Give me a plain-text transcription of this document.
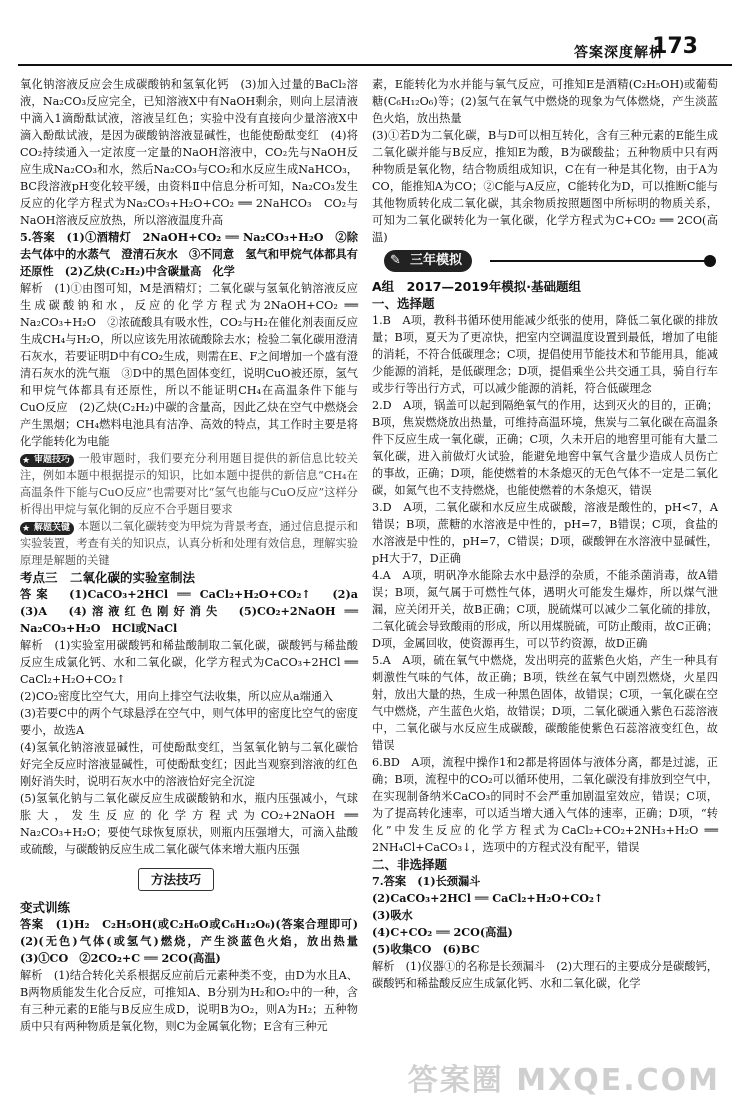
答案深度解析
173

氧化钠溶液反应会生成碳酸钠和氢氧化钙　(3)加入过量的BaCl₂溶液，Na₂CO₃反应完全，已知溶液X中有NaOH剩余，则向上层清液中滴入1滴酚酞试液，溶液呈红色；实验中没有直接向少量溶液X中滴入酚酞试液，是因为碳酸钠溶液显碱性，也能使酚酞变红　(4)将CO₂持续通入一定浓度一定量的NaOH溶液中，CO₂先与NaOH反应生成Na₂CO₃和水，然后Na₂CO₃与CO₂和水反应生成NaHCO₃，BC段溶液pH变化较平缓，由资料Ⅱ中信息分析可知，Na₂CO₃发生反应的化学方程式为Na₂CO₃+H₂O+CO₂ ══ 2NaHCO₃　CO₂与NaOH溶液反应放热，所以溶液温度升高

5.答案　(1)①酒精灯　2NaOH+CO₂ ══ Na₂CO₃+H₂O　②除去气体中的水蒸气　澄清石灰水　③不同意　氢气和甲烷气体都具有还原性　(2)乙炔(C₂H₂)中含碳量高　化学

解析　(1)①由图可知，M是酒精灯；二氧化碳与氢氧化钠溶液反应生成碳酸钠和水，反应的化学方程式为2NaOH+CO₂ ══ Na₂CO₃+H₂O　②浓硫酸具有吸水性，CO₂与H₂在催化剂表面反应生成CH₄与H₂O，所以应该先用浓硫酸除去水；检验二氧化碳用澄清石灰水，若要证明D中有CO₂生成，则需在E、F之间增加一个盛有澄清石灰水的洗气瓶　③D中的黑色固体变红，说明CuO被还原，氢气和甲烷气体都具有还原性，所以不能证明CH₄在高温条件下能与CuO反应　(2)乙炔(C₂H₂)中碳的含量高，因此乙炔在空气中燃烧会产生黑烟；CH₄燃料电池具有洁净、高效的特点，其工作时主要是将化学能转化为电能

★ 审题技巧 一般审题时，我们要充分利用题目提供的新信息比较关注，例如本题中根据提示的知识，比如本题中提供的新信息“CH₄在高温条件下能与CuO反应”也需要对比“氢气也能与CuO反应”这样分析得出甲烷与氧化铜的反应不合乎题目要求

★ 解题关键 本题以二氧化碳转变为甲烷为背景考查，通过信息提示和实验装置，考查有关的知识点，认真分析和处理有效信息，理解实验原理是解题的关键

考点三　二氧化碳的实验室制法

答案　(1)CaCO₃+2HCl ══ CaCl₂+H₂O+CO₂↑　(2)a　(3)A　(4)溶液红色刚好消失　(5)CO₂+2NaOH ══ Na₂CO₃+H₂O　HCl或NaCl

解析　(1)实验室用碳酸钙和稀盐酸制取二氧化碳，碳酸钙与稀盐酸反应生成氯化钙、水和二氧化碳，化学方程式为CaCO₃+2HCl ══ CaCl₂+H₂O+CO₂↑

(2)CO₂密度比空气大，用向上排空气法收集，所以应从a端通入

(3)若要C中的两个气球悬浮在空气中，则气体甲的密度比空气的密度要小，故选A

(4)氢氧化钠溶液显碱性，可使酚酞变红，当氢氧化钠与二氧化碳恰好完全反应时溶液显碱性，可使酚酞变红；因此当观察到溶液的红色刚好消失时，说明石灰水中的溶液恰好完全沉淀

(5)氢氧化钠与二氧化碳反应生成碳酸钠和水，瓶内压强减小，气球胀大，发生反应的化学方程式为CO₂+2NaOH ══ Na₂CO₃+H₂O；要使气球恢复原状，则瓶内压强增大，可滴入盐酸或硫酸，与碳酸钠反应生成二氧化碳气体来增大瓶内压强

方法技巧

变式训练

答案　(1)H₂　C₂H₅OH(或C₂H₆O或C₆H₁₂O₆)(答案合理即可)　(2)(无色)气体(或氢气)燃烧，产生淡蓝色火焰，放出热量　(3)①CO　②2CO₂+C ══ 2CO(高温)

解析　(1)结合转化关系根据反应前后元素种类不变，由D为水且A、B两物质能发生化合反应，可推知A、B分别为H₂和O₂中的一种，含有三种元素的E能与B反应生成D，说明B为O₂，则A为H₂；五种物质中只有两种物质是氧化物，则C为金属氧化物；E含有三种元

素，E能转化为水并能与氧气反应，可推知E是酒精(C₂H₅OH)或葡萄糖(C₆H₁₂O₆)等；(2)氢气在氧气中燃烧的现象为气体燃烧，产生淡蓝色火焰，放出热量

(3)①若D为二氧化碳，B与D可以相互转化，含有三种元素的E能生成二氧化碳并能与B反应，推知E为酸，B为碳酸盐；五种物质中只有两种物质是氧化物，结合物质组成知识，C在有一种是其化物，由于A为CO，能推知A为CO；②C能与A反应，C能转化为D，可以推断C能与其他物质转化成二氧化碳，其余物质按照题图中所标明的物质关系，可知为二氧化碳转化为一氧化碳，化学方程式为C+CO₂ ══ 2CO(高温)

✎ 三年模拟

A组　2017—2019年模拟·基础题组

一、选择题

1.B　A项，教科书循环使用能减少纸张的使用，降低二氧化碳的排放量；B项，夏天为了更凉快，把室内空调温度设置到最低，增加了电能的消耗，不符合低碳理念；C项，提倡使用节能技术和节能用具，能减少能源的消耗，是低碳理念；D项，提倡乘坐公共交通工具，骑自行车或步行等出行方式，可以减少能源的消耗，符合低碳理念

2.D　A项，锅盖可以起到隔绝氧气的作用，达到灭火的目的，正确；B项，焦炭燃烧放出热量，可维持高温环境，焦炭与二氧化碳在高温条件下反应生成一氧化碳，正确；C项，久未开启的地窖里可能有大量二氧化碳，进入前做灯火试验，能避免地窖中氧气含量少造成人员伤亡的事故，正确；D项，能使燃着的木条熄灭的无色气体不一定是二氧化碳，如氮气也不支持燃烧，也能使燃着的木条熄灭，错误

3.D　A项，二氧化碳和水反应生成碳酸，溶液是酸性的，pH<7，A错误；B项，蔗糖的水溶液是中性的，pH=7，B错误；C项，食盐的水溶液是中性的，pH=7，C错误；D项，碳酸钾在水溶液中显碱性，pH大于7，D正确

4.A　A项，明矾净水能除去水中悬浮的杂质，不能杀菌消毒，故A错误；B项，氮气属于可燃性气体，遇明火可能发生爆炸，所以煤气泄漏，应关闭开关，故B正确；C项，脱硫煤可以减少二氧化硫的排放，二氧化硫会导致酸雨的形成，所以用煤脱硫，可防止酸雨，故C正确；D项，金属回收，使资源再生，可以节约资源，故D正确

5.A　A项，硫在氧气中燃烧，发出明亮的蓝紫色火焰，产生一种具有刺激性气味的气体，故正确；B项，铁丝在氧气中剧烈燃烧，火星四射，放出大量的热，生成一种黑色固体，故错误；C项，一氧化碳在空气中燃烧，产生蓝色火焰，故错误；D项，二氧化碳通入紫色石蕊溶液中，二氧化碳与水反应生成碳酸，碳酸能使紫色石蕊溶液变红色，故错误

6.BD　A项，流程中操作1和2都是将固体与液体分离，都是过滤，正确；B项，流程中的CO₂可以循环使用，二氧化碳没有排放到空气中，在实现制备纳米CaCO₃的同时不会严重加剧温室效应，错误；C项，为了提高转化速率，可以适当增大通入气体的速率，正确；D项，“转化”中发生反应的化学方程式为CaCl₂+CO₂+2NH₃+H₂O ══ 2NH₄Cl+CaCO₃↓，选项中的方程式没有配平，错误

二、非选择题

7.答案　(1)长颈漏斗

(2)CaCO₃+2HCl ══ CaCl₂+H₂O+CO₂↑

(3)吸水

(4)C+CO₂ ══ 2CO(高温)

(5)收集CO　(6)BC

解析　(1)仪器①的名称是长颈漏斗　(2)大理石的主要成分是碳酸钙，碳酸钙和稀盐酸反应生成氯化钙、水和二氧化碳，化学

答案圈 MXQE.COM
